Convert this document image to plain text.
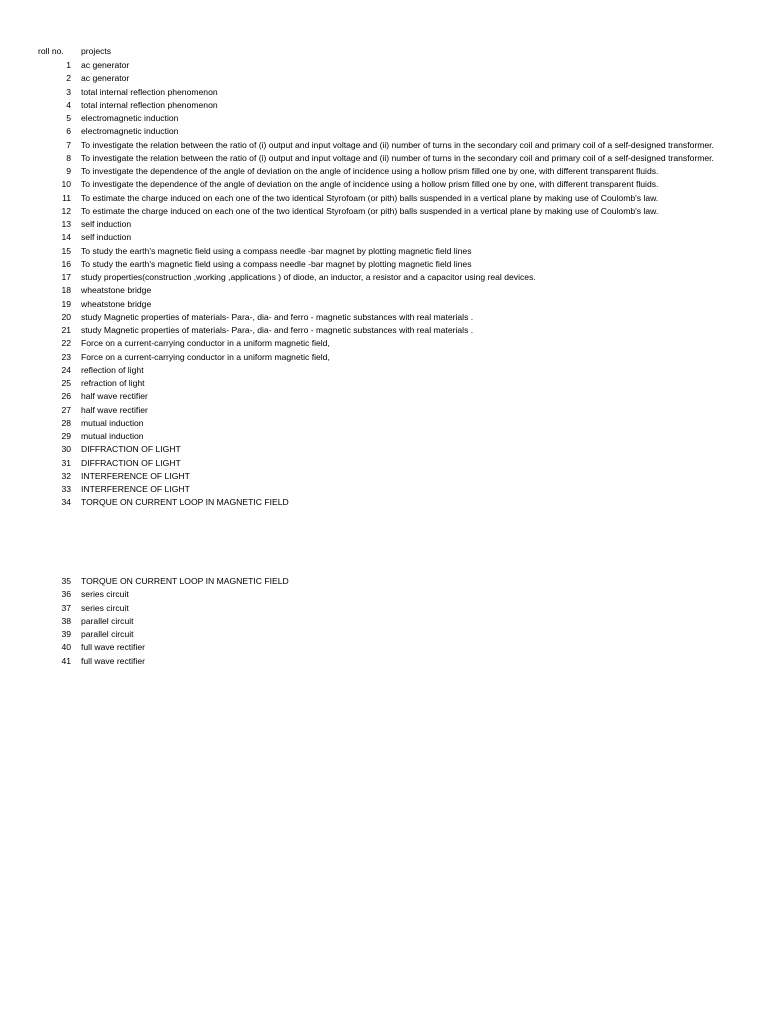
roll no. projects
1 ac generator
2 ac generator
3 total internal reflection phenomenon
4 total internal reflection phenomenon
5 electromagnetic induction
6 electromagnetic induction
7 To investigate the relation between the ratio of (i) output and input voltage and (ii) number of turns in the secondary coil and primary coil of a self-designed transformer.
8 To investigate the relation between the ratio of (i) output and input voltage and (ii) number of turns in the secondary coil and primary coil of a self-designed transformer.
9 To investigate the dependence of the angle of deviation on the angle of incidence using a hollow prism filled one by one, with different transparent fluids.
10 To investigate the dependence of the angle of deviation on the angle of incidence using a hollow prism filled one by one, with different transparent fluids.
11 To estimate the charge induced on each one of the two identical Styrofoam (or pith) balls suspended in a vertical plane by making use of Coulomb's law.
12 To estimate the charge induced on each one of the two identical Styrofoam (or pith) balls suspended in a vertical plane by making use of Coulomb's law.
13 self induction
14 self induction
15 To study the earth's magnetic field using a compass needle -bar magnet by plotting magnetic field lines
16 To study the earth's magnetic field using a compass needle -bar magnet by plotting magnetic field lines
17 study properties(construction ,working ,applications ) of diode, an inductor, a resistor and a capacitor using real devices.
18 wheatstone bridge
19 wheatstone bridge
20 study Magnetic properties of materials- Para-, dia- and ferro - magnetic substances with real materials .
21 study Magnetic properties of materials- Para-, dia- and ferro - magnetic substances with real materials .
22 Force on a current-carrying conductor in a uniform magnetic field,
23 Force on a current-carrying conductor in a uniform magnetic field,
24 reflection of light
25 refraction of light
26 half wave rectifier
27 half wave rectifier
28 mutual induction
29 mutual induction
30 DIFFRACTION OF LIGHT
31 DIFFRACTION OF LIGHT
32 INTERFERENCE OF LIGHT
33 INTERFERENCE OF LIGHT
34 TORQUE ON CURRENT LOOP IN MAGNETIC FIELD
35 TORQUE ON CURRENT LOOP IN MAGNETIC FIELD
36 series circuit
37 series circuit
38 parallel circuit
39 parallel circuit
40 full wave rectifier
41 full wave rectifier
